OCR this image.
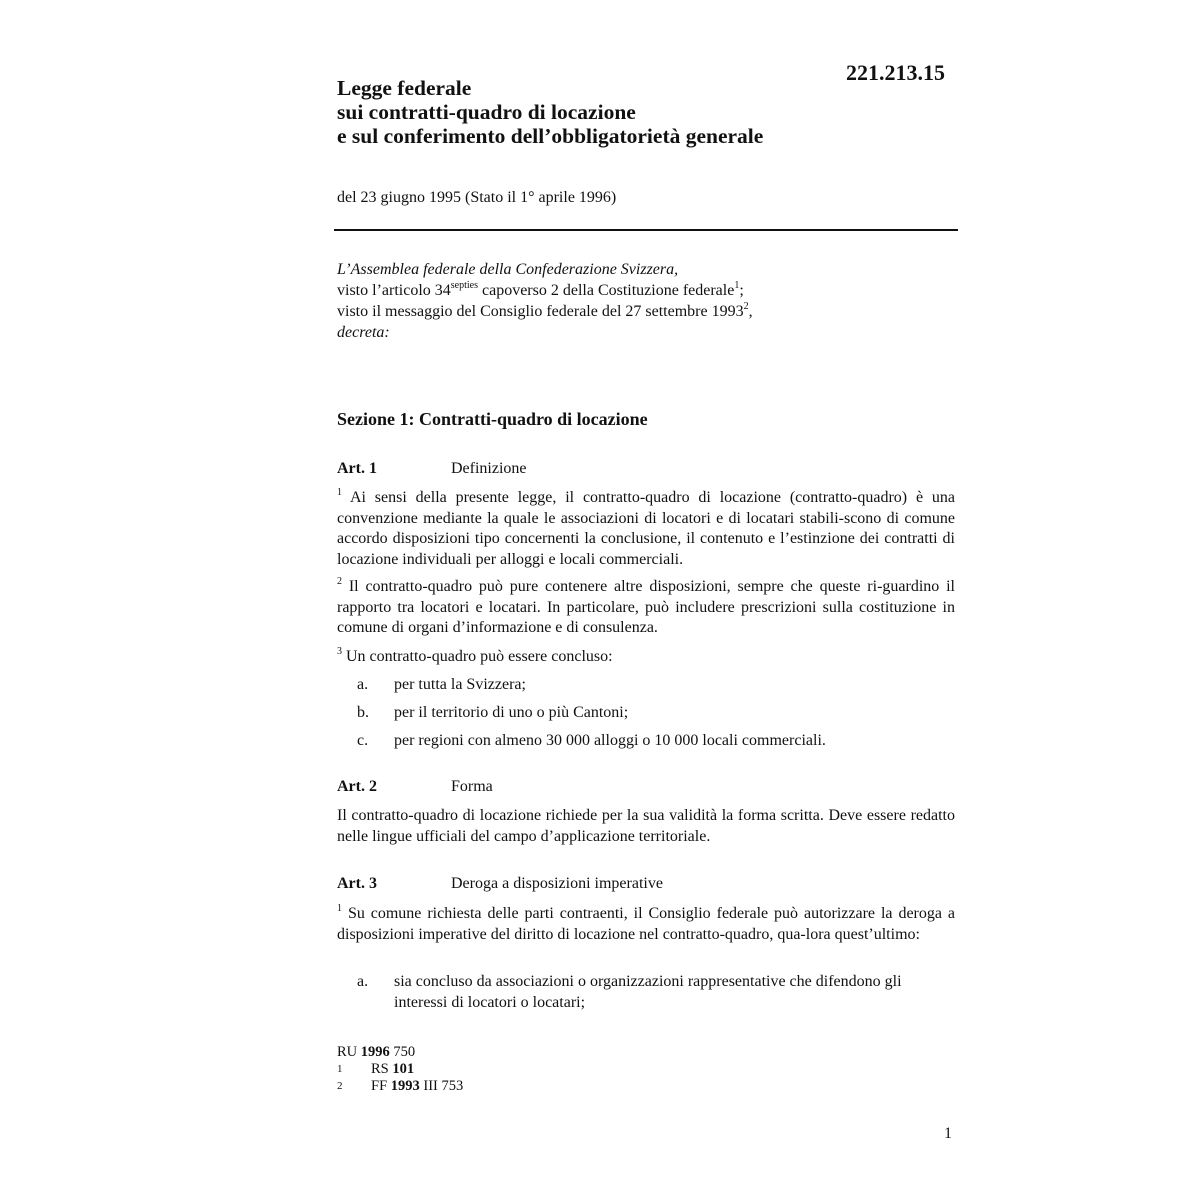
221.213.15
Legge federale
sui contratti-quadro di locazione
e sul conferimento dell’obbligatorietà generale
del 23 giugno 1995 (Stato il 1° aprile 1996)
L’Assemblea federale della Confederazione Svizzera,
visto l’articolo $34^{septies}$ capoverso 2 della Costituzione federale$^1$;
visto il messaggio del Consiglio federale del 27 settembre 1993$^2$,
decreta:
Sezione 1: Contratti-quadro di locazione
Art. 1	Definizione
$^1$ Ai sensi della presente legge, il contratto-quadro di locazione (contratto-quadro) è una convenzione mediante la quale le associazioni di locatori e di locatari stabili-scono di comune accordo disposizioni tipo concernenti la conclusione, il contenuto e l’estinzione dei contratti di locazione individuali per alloggi e locali commerciali.
$^2$ Il contratto-quadro può pure contenere altre disposizioni, sempre che queste ri-guardino il rapporto tra locatori e locatari. In particolare, può includere prescrizioni sulla costituzione in comune di organi d’informazione e di consulenza.
$^3$ Un contratto-quadro può essere concluso:
a. per tutta la Svizzera;
b. per il territorio di uno o più Cantoni;
c. per regioni con almeno 30 000 alloggi o 10 000 locali commerciali.
Art. 2	Forma
Il contratto-quadro di locazione richiede per la sua validità la forma scritta. Deve essere redatto nelle lingue ufficiali del campo d’applicazione territoriale.
Art. 3	Deroga a disposizioni imperative
$^1$ Su comune richiesta delle parti contraenti, il Consiglio federale può autorizzare la deroga a disposizioni imperative del diritto di locazione nel contratto-quadro, qua-lora quest’ultimo:
a. sia concluso da associazioni o organizzazioni rappresentative che difendono gli interessi di locatori o locatari;
RU 1996 750
1 RS 101
2 FF 1993 III 753
1
